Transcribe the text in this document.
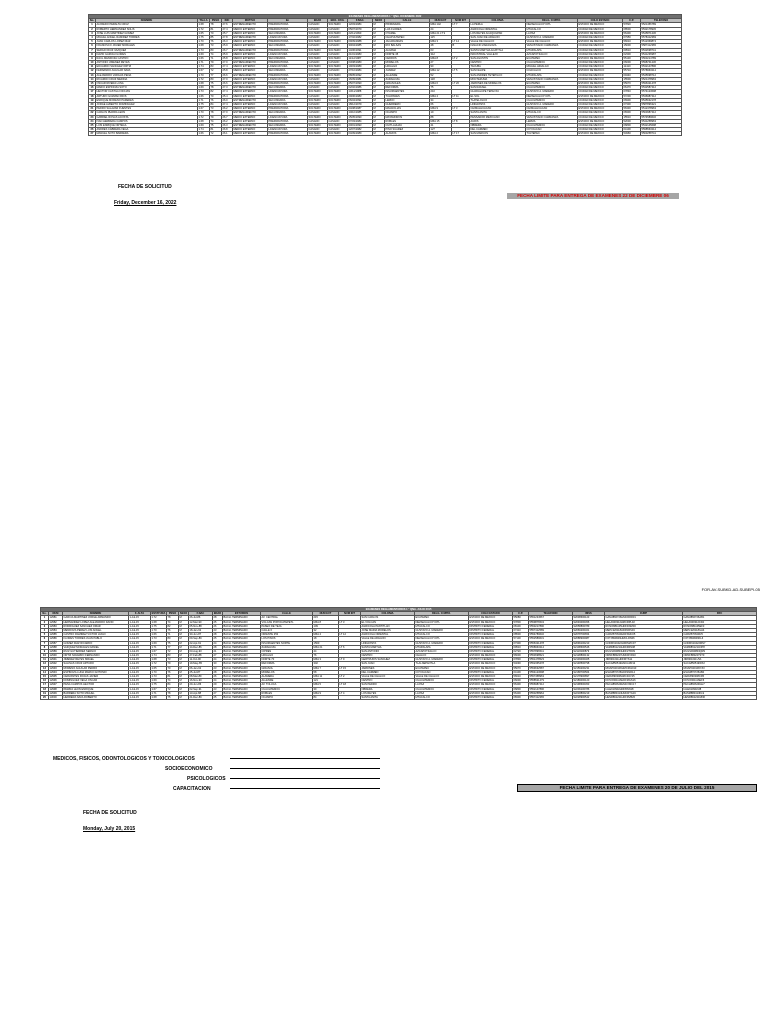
EXAMENES REGLAMENTARIOS 1 ° QNA. DICIEMBRE 2022																		
No.	NOMBRE	TALLA	PESO	IMC	MOTIVO	En	EDAD	EDO. CIVIL	F.NAC.	SEXO	CALLE	NUM EXT	NUM INT	COLONIA	DELG. O MPIO.	COLO ESTADO	C.P.	TELEFONO
1	ALFREDO PERALTA CRUZ	1.68	78	27.6	ENTRENAMIENTO	PREPARATORIA	CASADO	SOLTERO	12/03/1984	M	PRIMAVERA	MZA 142	LT 7	LA PERLA	NEZAHUALCOYOTL	ESTADO DE MEXICO	57820	5521456789
2	ROBERTO HERNANDEZ SOLIS	1.72	81	27.4	MEDIO EXTERNO	PREPARATORIA	CASADO	CASADO	05/07/1979	M	LAS FLORES	24		AGRICOLA ORIENTAL	IZTACALCO	CIUDAD DE MEXICO	08500	5532178945
3	JOSE LUIS MARTINEZ GOMEZ	1.65	70	25.7	MEDIO EXTERNO	SECUNDARIA	SOLTERO	SOLTERO	22/11/1990	M	OYAMEL	MZA 21 LT 9		LOS REYES ACAQUILPAN	LA PAZ	ESTADO DE MEXICO	56400	5545871236
4	MIGUEL ANGEL RAMIREZ TORRES	1.75	85	27.8	ENTRENAMIENTO	LICENCIATURA	CASADO	CASADO	17/02/1982	M	CHAPULTEPEC	115		SAN JUAN DE ARAGON	GUSTAVO A. MADERO	CIUDAD DE MEXICO	07950	5578412369
5	JUAN CARLOS LOPEZ DIAZ	1.70	76	26.3	MEDIO EXTERNO	PREPARATORIA	SOLTERO	SOLTERO	09/09/1988	M	JACARANDAS	MZA 3	LT 14	VALLE DE CHALCO	VALLE DE CHALCO	ESTADO DE MEXICO	56610	5512369874
6	FRANCISCO JAVIER MORALES	1.68	73	25.9	MEDIO EXTERNO	SECUNDARIA	CASADO	CASADO	30/04/1985	M	RIO BALSAS	48	B	IGNACIO ZARAGOZA	VENUSTIANO CARRANZA	CIUDAD DE MEXICO	15000	5587412365
7	SERGIO RUIZ VAZQUEZ	1.73	80	26.7	ENTRENAMIENTO	PREPARATORIA	SOLTERO	SOLTERO	14/06/1991	M	ALDAMA	63		SANTA MARTHA ACATITLA	IZTAPALAPA	CIUDAD DE MEXICO	09510	5532698741
8	DAVID GARCIA FLORES	1.69	74	25.9	MEDIO EXTERNO	LICENCIATURA	CASADO	CASADO	21/01/1983	M	NORTE 45	312		INDUSTRIAL VALLEJO	AZCAPOTZALCO	CIUDAD DE MEXICO	02300	5541236987
9	RAUL MENDOZA CASTRO	1.66	71	25.8	MEDIO EXTERNO	SECUNDARIA	SOLTERO	SOLTERO	11/12/1987	M	CEDROS	MZA 8	LT 2	SAN AGUSTIN	ECATEPEC	ESTADO DE MEXICO	55130	5563214789
10	ANTONIO JIMENEZ REYES	1.71	79	27.0	ENTRENAMIENTO	PREPARATORIA	CASADO	CASADO	03/08/1980	M	MORELOS	27		CENTRO	CUAUHTEMOC	CIUDAD DE MEXICO	06000	5598741236
11	EDUARDO SANCHEZ ORTIZ	1.74	83	27.4	MEDIO EXTERNO	LICENCIATURA	SOLTERO	SOLTERO	19/03/1989	M	HIDALGO	90		TACUBA	MIGUEL HIDALGO	CIUDAD DE MEXICO	11410	5532147896
12	FERNANDO AGUILAR NAVA	1.67	72	25.8	MEDIO EXTERNO	SECUNDARIA	CASADO	CASADO	27/10/1984	M	JUAREZ	MZA 12	LT 5	SAN FELIPE	COACALCO	ESTADO DE MEXICO	55710	5578963214
13	ALEJANDRO VARGAS PEÑA	1.70	77	26.6	ENTRENAMIENTO	PREPARATORIA	SOLTERO	SOLTERO	08/05/1992	M	ALLENDE	52		SAN ANDRES TETEPILCO	IZTAPALAPA	CIUDAD DE MEXICO	09440	5545698712
14	RICARDO CRUZ MEDINA	1.72	80	27.0	MEDIO EXTERNO	LICENCIATURA	CASADO	CASADO	16/09/1981	M	ZARAGOZA	118		MOCTEZUMA	VENUSTIANO CARRANZA	CIUDAD DE MEXICO	15500	5521478963
15	OSCAR RIVERA LUNA	1.68	75	26.6	MEDIO EXTERNO	PREPARATORIA	SOLTERO	SOLTERO	25/07/1990	M	GIRASOLES	MZA 6	LT 20	JARDINES DE MORELOS	ECATEPEC	ESTADO DE MEXICO	55070	5596321478
16	MARIO ESPINOZA SOTO	1.69	78	27.3	ENTRENAMIENTO	SECUNDARIA	CASADO	CASADO	02/02/1986	M	REFORMA	75		SAN RAFAEL	CUAUHTEMOC	CIUDAD DE MEXICO	06470	5532587412
17	HECTOR CASTILLO ROJAS	1.73	82	27.4	MEDIO EXTERNO	LICENCIATURA	SOLTERO	SOLTERO	13/11/1988	M	INSURGENTES	210		GUADALUPE TEPEYAC	GUSTAVO A. MADERO	CIUDAD DE MEXICO	07840	5574123698
18	ARTURO GUZMAN RIOS	1.66	70	25.4	MEDIO EXTERNO	PREPARATORIA	CASADO	CASADO	29/06/1983	M	TULIPANES	MZA 4	LT 11	EL SOL	NEZAHUALCOYOTL	ESTADO DE MEXICO	57200	5536987412
19	ENRIQUE MORENO PAREDES	1.71	76	26.0	ENTRENAMIENTO	SECUNDARIA	SOLTERO	SOLTERO	06/04/1991	M	LERDO	34		TLATELOLCO	CUAUHTEMOC	CIUDAD DE MEXICO	06900	5545632178
20	JORGE ALBERTO DOMINGUEZ	1.75	84	27.4	MEDIO EXTERNO	LICENCIATURA	CASADO	CASADO	18/12/1979	M	GUERRERO	66		LINDAVISTA	GUSTAVO A. MADERO	CIUDAD DE MEXICO	07300	5587896321
21	PEDRO SALAZAR FUENTES	1.67	73	26.2	MEDIO EXTERNO	PREPARATORIA	SOLTERO	SOLTERO	24/08/1987	M	MAGNOLIAS	MZA 9	LT 3	CHIMALHUACAN	CHIMALHUACAN	ESTADO DE MEXICO	56330	5512478963
22	CARLOS IBARRA LEON	1.70	78	27.0	ENTRENAMIENTO	SECUNDARIA	CASADO	CASADO	10/10/1985	M	OCAMPO	19		SANTA ANITA	IZTACALCO	CIUDAD DE MEXICO	08300	5563987412
23	GABRIEL ROSAS ACOSTA	1.72	79	26.7	MEDIO EXTERNO	LICENCIATURA	SOLTERO	SOLTERO	15/05/1990	M	MATAMOROS	88		PENSADOR MEXICANO	VENUSTIANO CARRANZA	CIUDAD DE MEXICO	15510	5574589632
24	IVAN HERRERA CAMPOS	1.68	74	26.2	MEDIO EXTERNO	PREPARATORIA	CASADO	CASADO	07/03/1984	M	ROBLES	MZA 15	LT 8	AURIS	LERMA	ESTADO DE MEXICO	52000	5541258963
25	LUIS ENRIQUE ORTEGA	1.69	75	26.3	ENTRENAMIENTO	SECUNDARIA	SOLTERO	SOLTERO	20/01/1993	M	CUITLAHUAC	41		OBRERA	CUAUHTEMOC	CIUDAD DE MEXICO	06800	5532145698
26	ANDRES CABRERA VEGA	1.74	81	26.8	MEDIO EXTERNO	LICENCIATURA	CASADO	CASADO	12/07/1982	M	PINO SUAREZ	127		DEL CARMEN	COYOACAN	CIUDAD DE MEXICO	04100	5598563214
27	MANUEL SOTO BARRERA	1.66	72	26.1	MEDIO EXTERNO	PREPARATORIA	SOLTERO	SOLTERO	04/09/1989	M	ALAMOS	MZA 2	LT 17	SAN MARCOS	TULTEPEC	ESTADO DE MEXICO	54960	5563258741
FECHA DE SOLICITUD
Friday, December 16, 2022
FECHA LIMITE PARA ENTREGA DE EXAMENES 22 DE DICIEMBRE 06
FOR-AV-SUBKD-AD-SUBEPI-05
EXAMENES REGLAMENTARIOS 1 ° QNA. JULIO 2015																				
No.	NUM	NOMBRE	F. ALTA	ESTATURA	PESO	SEXO	F.NAC	EDAD	ESTUDIOS	CALLE	NUM EXT	NUM INT	COLONIA	DELG. O MPIO.	COLO ESTADO	C.P.	TELEFONO	IMSS	CURP	RFC
1	12981	GARCIA MARTINEZ JORGE ARMANDO	1-Jul-15	1.72	78	M	26-Jul-86	28	BACH. TERMINADO	AV. CENTRAL	215		SAN CARLOS	ECATEPEC	ESTADO DE MEXICO	55080	5551234567	92038600123	GAMJ860726HMCRRR01	GAMJ860726AB1
2	12982	HERNANDEZ LOPEZ ALEJANDRO DAVID	1-Jul-15	1.68	74	M	12-Mar-90	25	BACH. TERMINADO	VOLCAN POPOCATEPETL	MZA 8	LT 3	EL VOLCAN	NEZAHUALCOYOTL	ESTADO DE MEXICO	57800	5559876543	92049000456	HELA900312HMCRPL02	HELA900312CD2
3	12983	RODRIGUEZ SANCHEZ OMAR	1-Jul-15	1.75	82	M	05-Nov-88	26	BACH. TERMINADO	PASEO DE TEJA	109		AGRICOLA PANTITLAN	IZTACALCO	DISTRITO FEDERAL	08100	5553217890	92058800789	ROSO881105HDFDNM03	ROSO881105EF3
4	12984	MENDOZA PEREZ LUIS ANGEL	1-Jul-15	1.70	76	M	18-Jan-92	23	BACH. TERMINADO	CALLE 6	32		JOSE MARIA MORELOS	GUSTAVO A. MADERO	DISTRITO FEDERAL	07410	5557412589	92069200321	MEPL920118HDFNRS04	MEPL920118GH4
5	12985	CASTRO RAMIREZ VICTOR HUGO	1-Jul-15	1.66	71	M	30-Jun-87	28	BACH. TERMINADO	ORIENTE 253	MZA 4	LT 12	AGRICOLA ORIENTAL	IZTACALCO	DISTRITO FEDERAL	08500	5554789632	92078700654	CARV870630HDFSMC05	CARV870630IJ5
6	12986	FLORES TORRES JUAN PABLO	1-Jul-15	1.73	80	M	09-Sep-89	25	BACH. TERMINADO	LOS PINOS	18		VALLE DE ARAGON	NEZAHUALCOYOTL	ESTADO DE MEXICO	57100	5552589631	92088900987	FOTJ890909HMCLRN06	FOTJ890909KL6
7	12987	GOMEZ DIAZ RICARDO	1-Jul-15	1.69	75	M	22-Apr-91	24	BACH. TERMINADO	INSURGENTES NORTE	1560		LINDAVISTA	GUSTAVO A. MADERO	DISTRITO FEDERAL	07300	5556321478	92099100213	GODR910422HDFMZC07	GODR910422MN7
8	12988	VAZQUEZ MORALES DANIEL	1-Jul-15	1.71	77	M	14-Dec-86	28	BACH. TERMINADO	ZARAGOZA	MZA 21	LT 6	SANTA MARTHA	IZTAPALAPA	DISTRITO FEDERAL	09510	5558963214	92108600546	VAMD861214HDFZRN08	VAMD861214OP8
9	12989	RUIZ GUTIERREZ SERGIO	1-Jul-15	1.67	72	M	03-Aug-93	21	BACH. TERMINADO	CIPRES	44		SAN ANTONIO	AZCAPOTZALCO	DISTRITO FEDERAL	02720	5557896541	92119300879	RUGS930803HDFZTR09	RUGS930803QR9
10	12990	ORTIZ NAVARRO FERNANDO	1-Jul-15	1.74	83	M	27-Feb-88	27	BACH. TERMINADO	HIDALGO	76		CENTRO	CHALCO	ESTADO DE MEXICO	56600	5553698521	92128800132	ORNF880227HMCRVR10	ORNF880227ST0
11	12991	JIMENEZ REYES ISRAEL	1-Jul-15	1.68	73	M	11-Oct-90	24	BACH. TERMINADO	NORTE 70	MZA 3	LT 9	GERTRUDIS SANCHEZ	GUSTAVO A. MADERO	DISTRITO FEDERAL	07830	5551478523	92139000465	JIRI901011HDFMYS11	JIRI901011UV1
12	12992	SALINAS CRUZ ARTURO	1-Jul-15	1.72	79	M	19-May-85	30	BACH. TERMINADO	REFORMA	302		SAN JUAN	TLALNEPANTLA	ESTADO DE MEXICO	54090	5552365478	92148500798	SACA850519HMCLRR12	SACA850519WX2
13	12993	MORENO AGUILAR PEDRO	1-Jul-15	1.65	70	M	06-Jan-92	23	BACH. TERMINADO	GIRASOL	MZA 7	LT 15	JARDINES	ECATEPEC	ESTADO DE MEXICO	55070	5559632587	92159200231	MOAP920106HMCRGD13	MOAP920106YZ3
14	12994	ESPINOZA LUNA MARCO ANTONIO	1-Jul-15	1.70	76	M	25-Jul-87	28	BACH. TERMINADO	MORELOS	58		DEL CARMEN	COYOACAN	DISTRITO FEDERAL	04100	5554123698	92168700564	ESLM870725HDFSNR14	ESLM870725AB4
15	12995	CERVANTES ROJAS JAVIER	1-Jul-15	1.73	81	M	08-Mar-89	26	BACH. TERMINADO	ALAMEDA	MZA 11	LT 2	VALLE DE CHALCO	VALLE DE CHALCO	ESTADO DE MEXICO	56610	5557458963	92178900897	CERJ890308HMCRJV15	CERJ890308CD5
16	12996	DOMINGUEZ VEGA OSCAR	1-Jul-15	1.69	74	M	16-Nov-90	24	BACH. TERMINADO	ALLENDE	121		CENTRO	CUAUHTEMOC	DISTRITO FEDERAL	06000	5558521479	92189000120	DOVO901116HDFMGS16	DOVO901116EF6
17	12997	PEÑA CAMPOS HECTOR	1-Jul-15	1.75	84	M	29-Jun-86	29	BACH. TERMINADO	AV. TOLUCA	MZA 5	LT 18	SAN PEDRO	LA PAZ	ESTADO DE MEXICO	56400	5556987412	92198600453	PECH860629HMCXMC17	PECH860629GH7
18	12998	IBARRA LEON ENRIQUE	1-Jul-15	1.67	72	M	02-Sep-91	23	BACH. TERMINADO	CUAUHTEMOC	39		OBRERA	CUAUHTEMOC	DISTRITO FEDERAL	06800	5552147896	92209100786	IALE910902HDFBNN18	IALE910902IJ8
19	12999	BARRERA SOTO MIGUEL	1-Jul-15	1.71	78	M	13-Apr-88	27	BACH. TERMINADO	ROBLES	MZA 9	LT 4	LOS REYES	LA PAZ	ESTADO DE MEXICO	56400	5553258964	92218800219	BASM880413HMCRTG19	BASM880413KL9
20	13000	HERRERA NAVA ROBERTO	1-Jul-15	1.68	75	M	21-Dec-89	25	BACH. TERMINADO	OCAMPO	84		SANTA ANITA	IZTACALCO	DISTRITO FEDERAL	08300	5557412365	92228900542	HENR891221HDFRVB20	HENR891221MN0
MEDICOS, FISICOS, ODONTOLOGICOS Y TOXICOLOGICOS
SOCIOECONOMICO
PSICOLOGICOS
CAPACITACION	FECHA LIMITE PARA ENTREGA DE EXAMENES 20 DE JULIO DEL 2015
FECHA DE SOLICITUD
Monday, July 20, 2015
